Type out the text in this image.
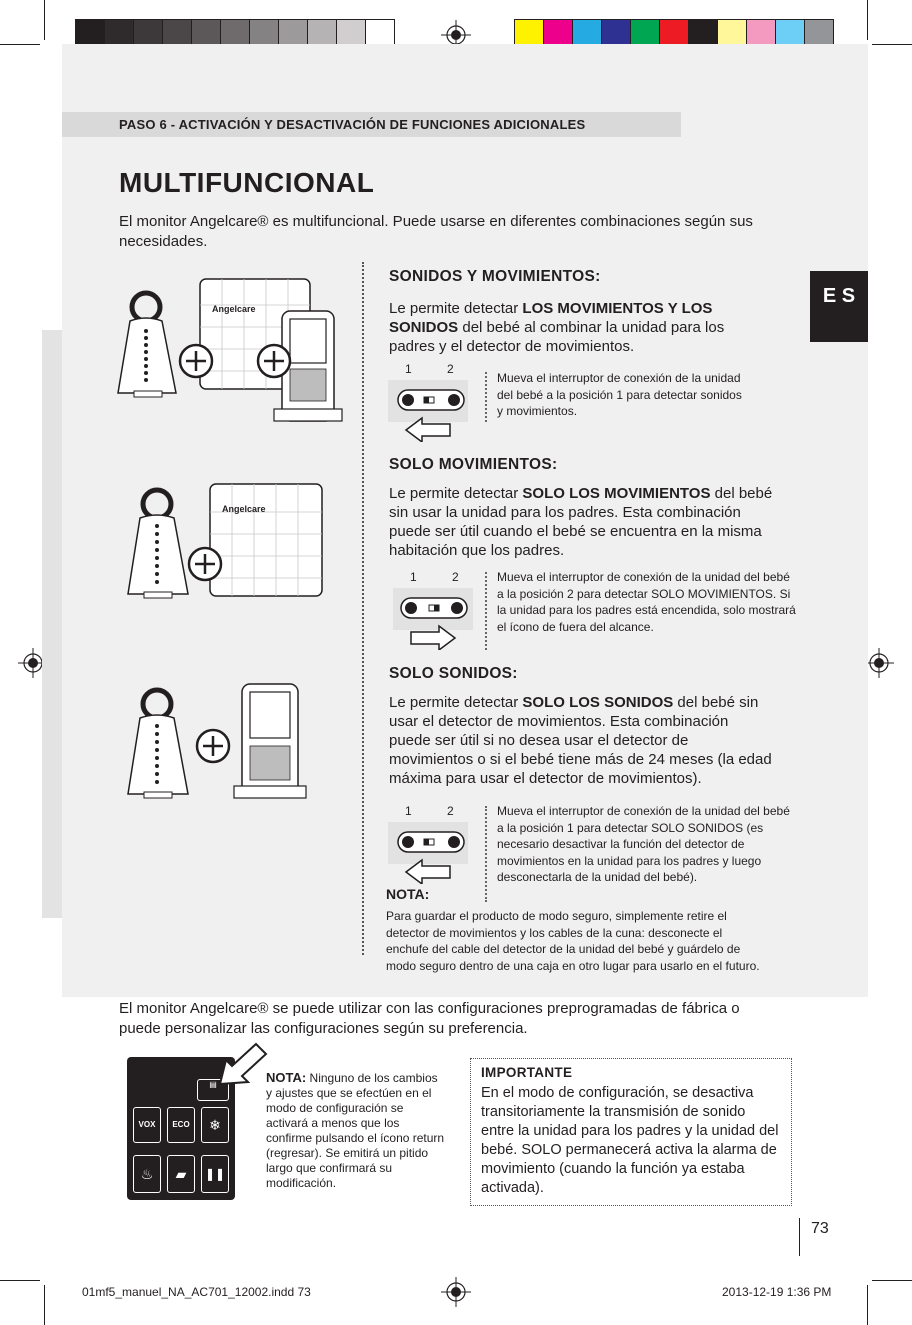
PASO 6 - ACTIVACIÓN Y DESACTIVACIÓN DE FUNCIONES ADICIONALES
MULTIFUNCIONAL
El monitor Angelcare® es multifuncional. Puede usarse en diferentes combinaciones según sus necesidades.
E S
Angelcare
Angelcare
SONIDOS Y MOVIMIENTOS:
Le permite detectar LOS MOVIMIENTOS Y LOS SONIDOS del bebé al combinar la unidad para los padres y el detector de movimientos.
1	2
Mueva el interruptor de conexión de la unidad del bebé a la posición 1 para detectar sonidos y movimientos.
SOLO MOVIMIENTOS:
Le permite detectar SOLO LOS MOVIMIENTOS del bebé sin usar la unidad para los padres. Esta combinación puede ser útil cuando el bebé se encuentra en la misma habitación que los padres.
1	2	Mueva el interruptor de conexión de la unidad del bebé a la posición 2 para detectar SOLO MOVIMIENTOS. Si la unidad para los padres está encendida, solo mostrará el ícono de fuera del alcance.
SOLO SONIDOS:
Le permite detectar SOLO LOS SONIDOS del bebé sin usar el detector de movimientos. Esta combinación puede ser útil si no desea usar el detector de movimientos o si el bebé tiene más de 24 meses (la edad máxima para usar el detector de movimientos).
1	2	Mueva el interruptor de conexión de la unidad del bebé a la posición 1 para detectar SOLO SONIDOS (es necesario desactivar la función del detector de movimientos en la unidad para los padres y luego desconectarla de la unidad del bebé).
NOTA:
Para guardar el producto de modo seguro, simplemente retire el detector de movimientos y los cables de la cuna: desconecte el enchufe del cable del detector de la unidad del bebé y guárdelo de modo seguro dentro de una caja en otro lugar para usarlo en el futuro.
El monitor Angelcare® se puede utilizar con las configuraciones preprogramadas de fábrica o puede personalizar las configuraciones según su preferencia.
▤
VOX	ECO	❄
♨	▰	❚❚
NOTA: Ninguno de los cambios y ajustes que se efectúen en el modo de configuración se activará a menos que los confirme pulsando el ícono return (regresar). Se emitirá un pitido largo que confirmará su modificación.
IMPORTANTE
En el modo de configuración, se desactiva transitoriamente la transmisión de sonido entre la unidad para los padres y la unidad del bebé. SOLO permanecerá activa la alarma de movimiento (cuando la función ya estaba activada).
73
01mf5_manuel_NA_AC701_12002.indd 73	2013-12-19 1:36 PM
